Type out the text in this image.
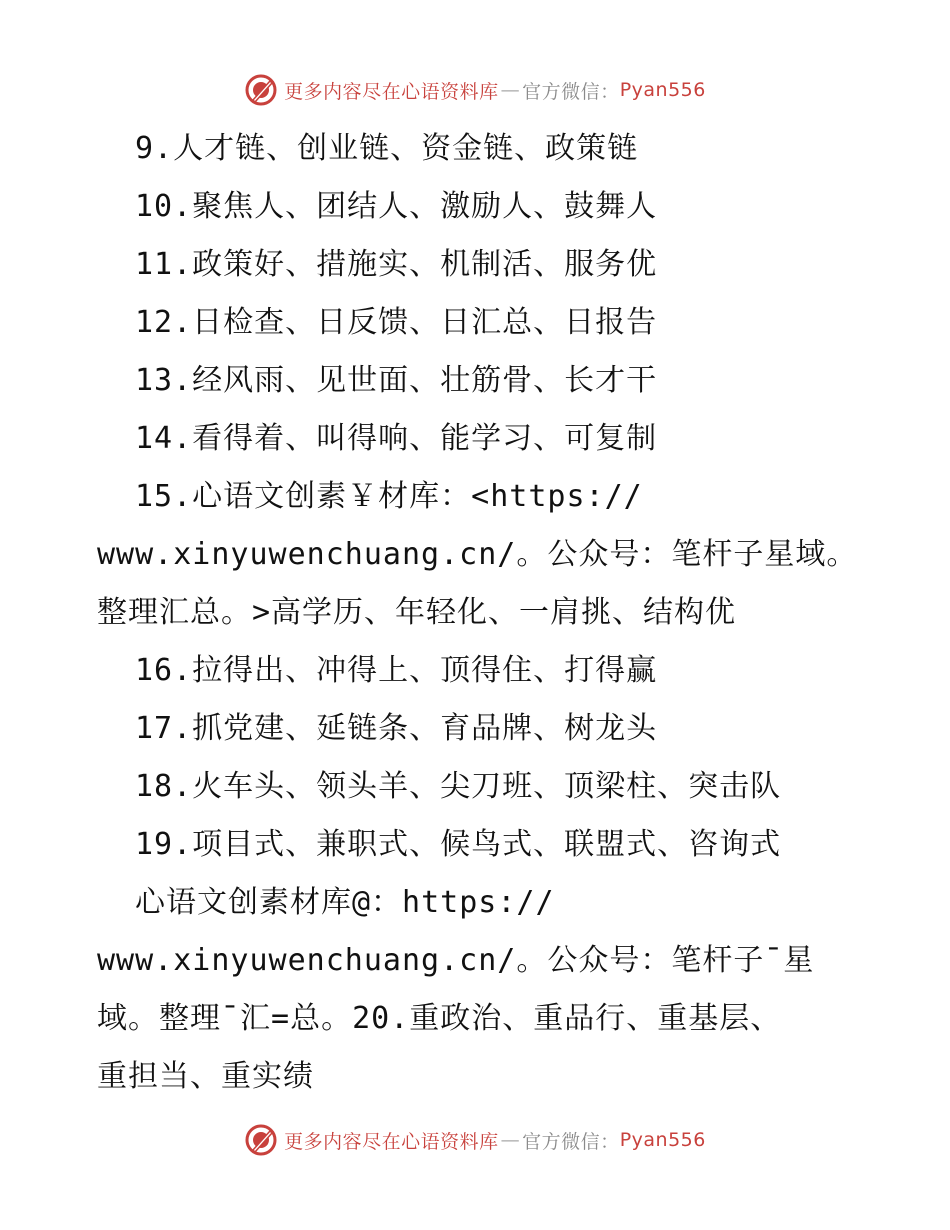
更多内容尽在心语资料库 — 官方微信： Pyan556
9.人才链、创业链、资金链、政策链
10.聚焦人、团结人、激励人、鼓舞人
11.政策好、措施实、机制活、服务优
12.日检查、日反馈、日汇总、日报告
13.经风雨、见世面、壮筋骨、长才干
14.看得着、叫得响、能学习、可复制
15.心语文创素￥材库：<https://
www.xinyuwenchuang.cn/。公众号：笔杆子星域。
整理汇总。>高学历、年轻化、一肩挑、结构优
16.拉得出、冲得上、顶得住、打得赢
17.抓党建、延链条、育品牌、树龙头
18.火车头、领头羊、尖刀班、顶梁柱、突击队
19.项目式、兼职式、候鸟式、联盟式、咨询式
心语文创素材库@：https://
www.xinyuwenchuang.cn/。公众号：笔杆子¯星
域。整理¯汇=总。20.重政治、重品行、重基层、
重担当、重实绩
更多内容尽在心语资料库 — 官方微信： Pyan556
